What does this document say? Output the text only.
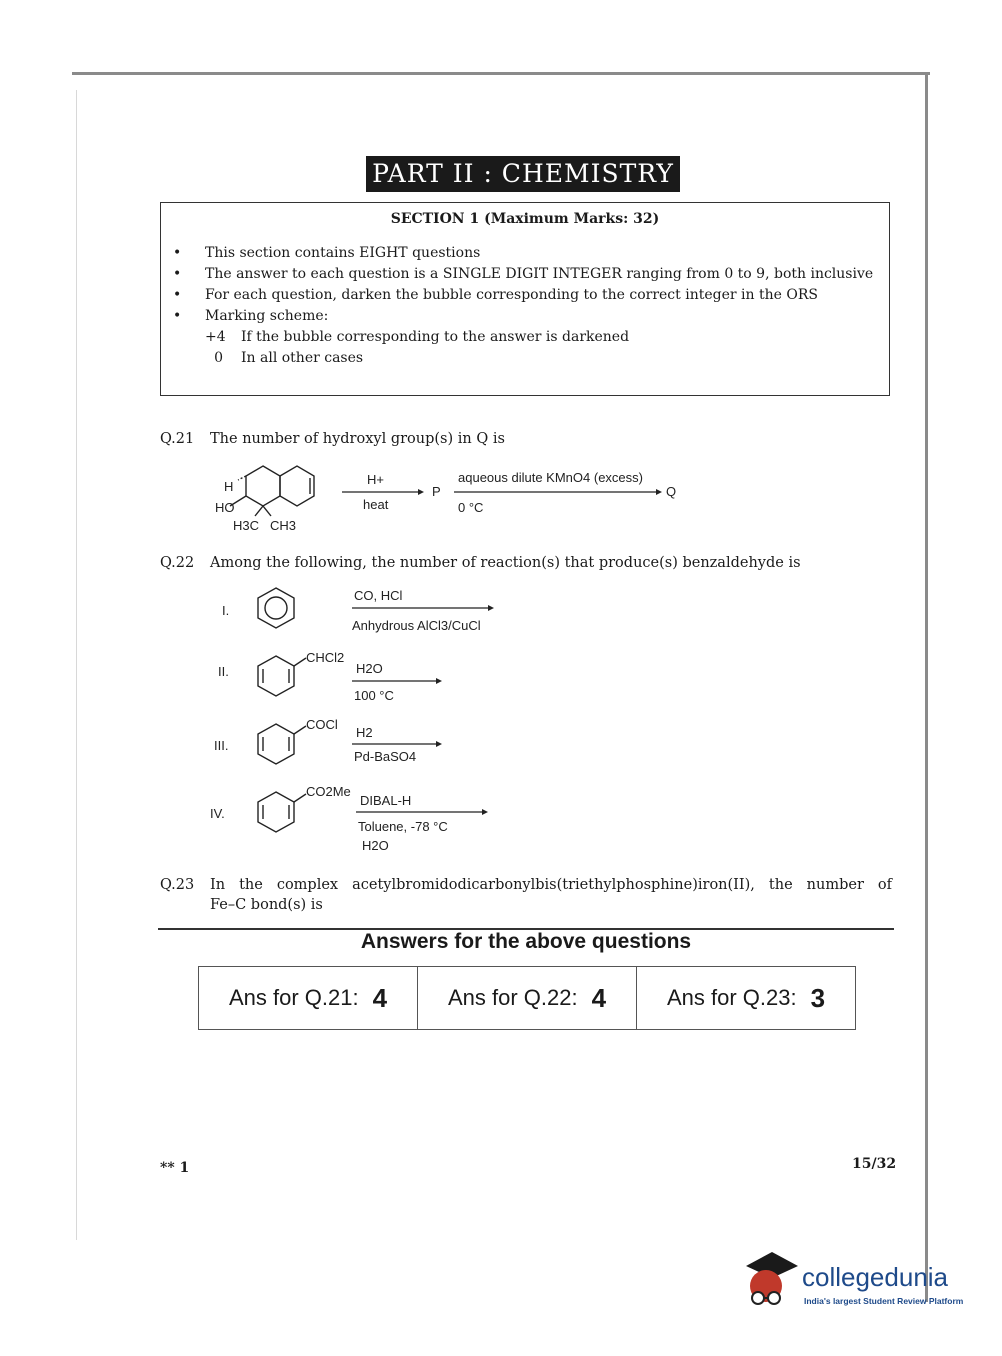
PART II : CHEMISTRY
SECTION 1 (Maximum Marks: 32)
• This section contains EIGHT questions
• The answer to each question is a SINGLE DIGIT INTEGER ranging from 0 to 9, both inclusive
• For each question, darken the bubble corresponding to the correct integer in the ORS
• Marking scheme:
+4 If the bubble corresponding to the answer is darkened
0 In all other cases
Q.21 The number of hydroxyl group(s) in Q is
H
HO
H3C CH3
H+
heat
P
aqueous dilute KMnO4 (excess)
0 °C
Q
Q.22 Among the following, the number of reaction(s) that produce(s) benzaldehyde is
I.
CO, HCl
Anhydrous AlCl3/CuCl
II.
CHCl2
H2O
100 °C
III.
COCl
H2
Pd-BaSO4
IV.
CO2Me
DIBAL-H
Toluene, -78 °C
H2O
Q.23 In the complex acetylbromidodicarbonylbis(triethylphosphine)iron(II), the number of
Fe–C bond(s) is
Answers for the above questions
Ans for Q.21: 4	Ans for Q.22: 4	Ans for Q.23: 3
** 1	15/32
collegedunia
India's largest Student Review Platform
